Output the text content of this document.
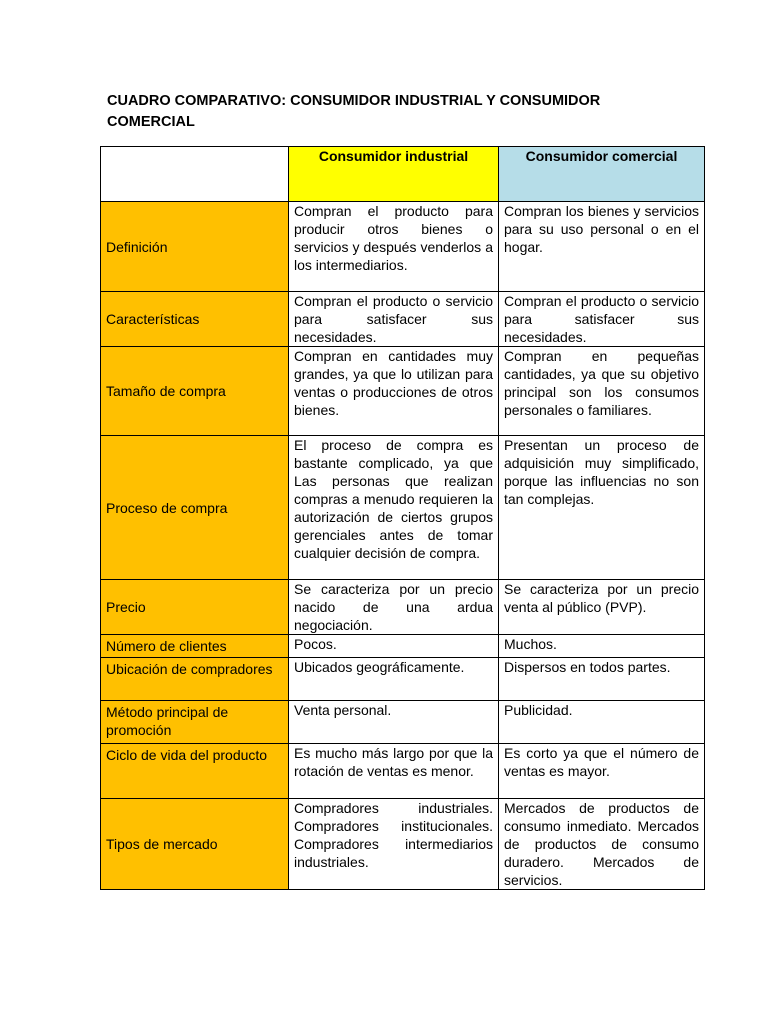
CUADRO COMPARATIVO: CONSUMIDOR INDUSTRIAL Y CONSUMIDOR COMERCIAL
	Consumidor industrial	Consumidor comercial
Definición	Compran el producto para producir otros bienes o servicios y después venderlos a los intermediarios.	Compran los bienes y servicios para su uso personal o en el hogar.
Características	Compran el producto o servicio para satisfacer sus necesidades.	Compran el producto o servicio para satisfacer sus necesidades.
Tamaño de compra	Compran en cantidades muy grandes, ya que lo utilizan para ventas o producciones de otros bienes.	Compran en pequeñas cantidades, ya que su objetivo principal son los consumos personales o familiares.
Proceso de compra	El proceso de compra es bastante complicado, ya que Las personas que realizan compras a menudo requieren la autorización de ciertos grupos gerenciales antes de tomar cualquier decisión de compra.	Presentan un proceso de adquisición muy simplificado, porque las influencias no son tan complejas.
Precio	Se caracteriza por un precio nacido de una ardua negociación.	Se caracteriza por un precio venta al público (PVP).
Número de clientes	Pocos.	Muchos.
Ubicación de compradores	Ubicados geográficamente.	Dispersos en todos partes.
Método principal de promoción	Venta personal.	Publicidad.
Ciclo de vida del producto	Es mucho más largo por que la rotación de ventas es menor.	Es corto ya que el número de ventas es mayor.
Tipos de mercado	Compradores industriales. Compradores institucionales. Compradores intermediarios industriales.	Mercados de productos de consumo inmediato. Mercados de productos de consumo duradero. Mercados de servicios.
